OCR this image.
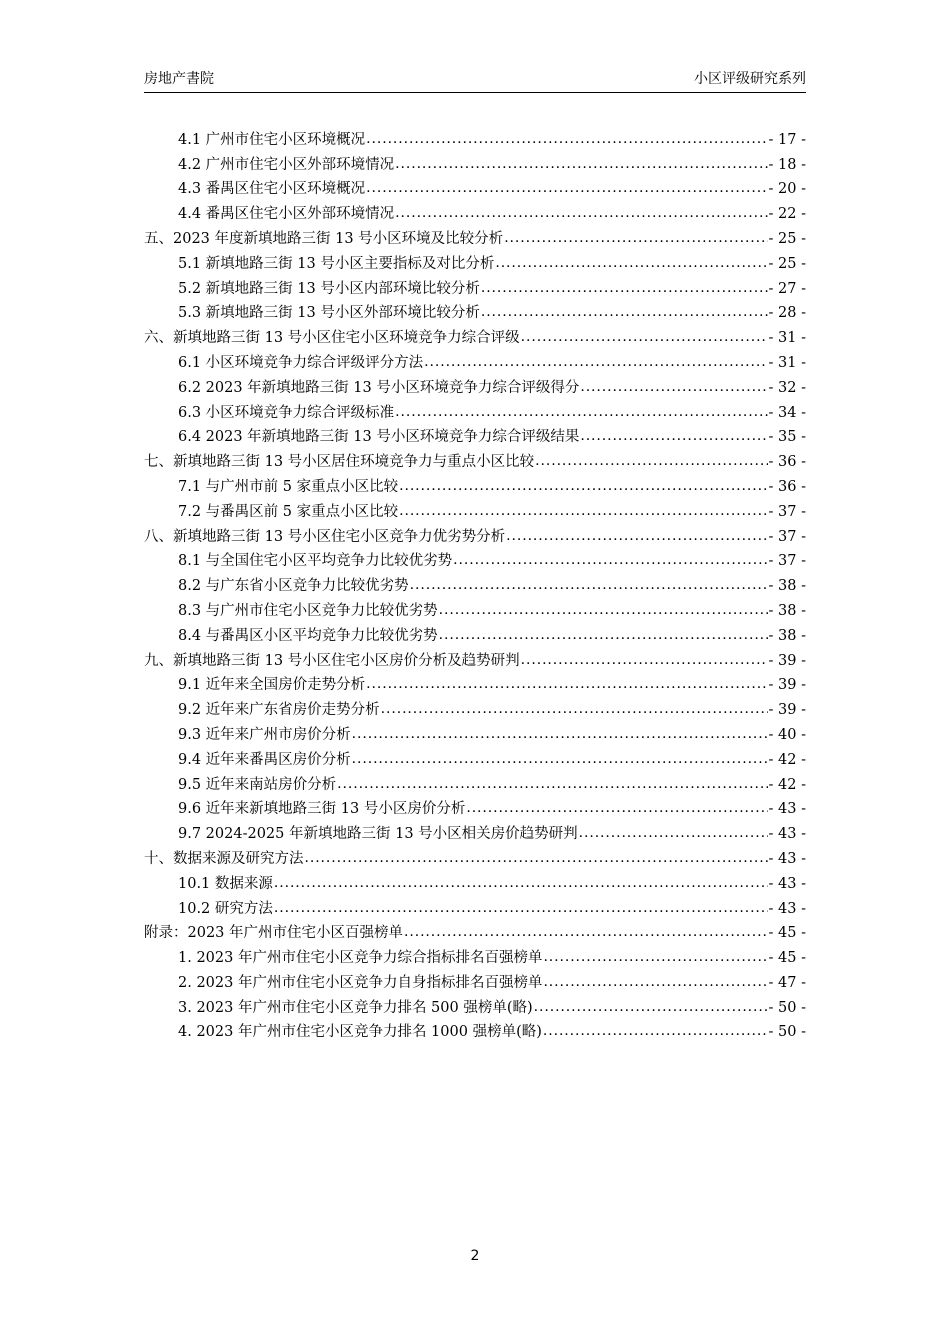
房地产書院	小区评级研究系列
4.1 广州市住宅小区环境概况 .....	- 17 -
4.2 广州市住宅小区外部环境情况 .....	- 18 -
4.3 番禺区住宅小区环境概况 .....	- 20 -
4.4 番禺区住宅小区外部环境情况 .....	- 22 -
五、2023 年度新填地路三街 13 号小区环境及比较分析 .....	- 25 -
5.1 新填地路三街 13 号小区主要指标及对比分析 .....	- 25 -
5.2 新填地路三街 13 号小区内部环境比较分析 .....	- 27 -
5.3 新填地路三街 13 号小区外部环境比较分析 .....	- 28 -
六、新填地路三街 13 号小区住宅小区环境竞争力综合评级 .....	- 31 -
6.1 小区环境竞争力综合评级评分方法 .....	- 31 -
6.2 2023 年新填地路三街 13 号小区环境竞争力综合评级得分 .....	- 32 -
6.3 小区环境竞争力综合评级标准 .....	- 34 -
6.4 2023 年新填地路三街 13 号小区环境竞争力综合评级结果 .....	- 35 -
七、新填地路三街 13 号小区居住环境竞争力与重点小区比较 .....	- 36 -
7.1 与广州市前 5 家重点小区比较 .....	- 36 -
7.2 与番禺区前 5 家重点小区比较 .....	- 37 -
八、新填地路三街 13 号小区住宅小区竞争力优劣势分析 .....	- 37 -
8.1 与全国住宅小区平均竞争力比较优劣势 .....	- 37 -
8.2 与广东省小区竞争力比较优劣势 .....	- 38 -
8.3 与广州市住宅小区竞争力比较优劣势 .....	- 38 -
8.4 与番禺区小区平均竞争力比较优劣势 .....	- 38 -
九、新填地路三街 13 号小区住宅小区房价分析及趋势研判 .....	- 39 -
9.1 近年来全国房价走势分析 .....	- 39 -
9.2 近年来广东省房价走势分析 .....	- 39 -
9.3 近年来广州市房价分析 .....	- 40 -
9.4 近年来番禺区房价分析 .....	- 42 -
9.5 近年来南站房价分析 .....	- 42 -
9.6 近年来新填地路三街 13 号小区房价分析 .....	- 43 -
9.7 2024-2025 年新填地路三街 13 号小区相关房价趋势研判 .....	- 43 -
十、数据来源及研究方法 .....	- 43 -
10.1 数据来源 .....	- 43 -
10.2 研究方法 .....	- 43 -
附录：2023 年广州市住宅小区百强榜单 .....	- 45 -
1. 2023 年广州市住宅小区竞争力综合指标排名百强榜单 .....	- 45 -
2. 2023 年广州市住宅小区竞争力自身指标排名百强榜单 .....	- 47 -
3. 2023 年广州市住宅小区竞争力排名 500 强榜单(略) .....	- 50 -
4. 2023 年广州市住宅小区竞争力排名 1000 强榜单(略) .....	- 50 -
2
